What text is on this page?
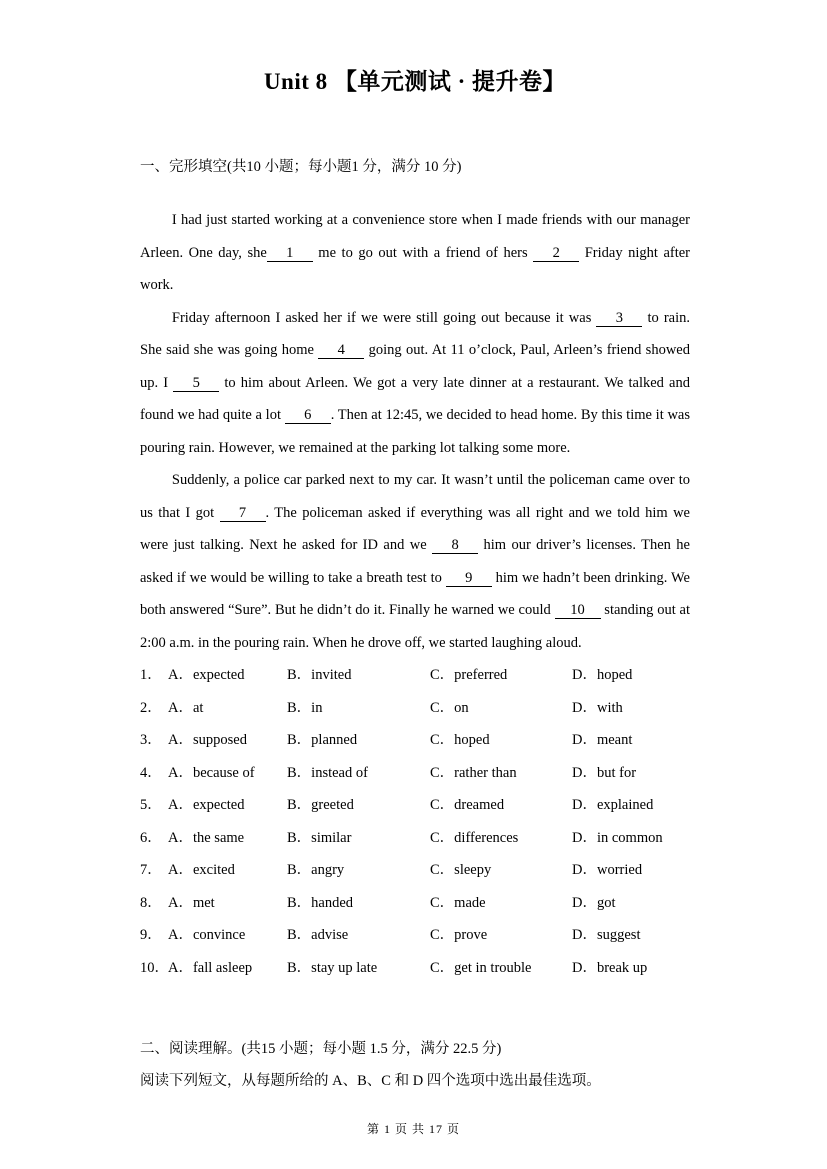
Unit 8 【单元测试 · 提升卷】

一、完形填空(共10 小题；每小题1 分，满分 10 分)

I had just started working at a convenience store when I made friends with our manager Arleen. One day, she 1 me to go out with a friend of hers 2 Friday night after work.

Friday afternoon I asked her if we were still going out because it was 3 to rain. She said she was going home 4 going out. At 11 o’clock, Paul, Arleen’s friend showed up. I 5 to him about Arleen. We got a very late dinner at a restaurant. We talked and found we had quite a lot 6 . Then at 12:45, we decided to head home. By this time it was pouring rain. However, we remained at the parking lot talking some more.

Suddenly, a police car parked next to my car. It wasn’t until the policeman came over to us that I got 7 . The policeman asked if everything was all right and we told him we were just talking. Next he asked for ID and we 8 him our driver’s licenses. Then he asked if we would be willing to take a breath test to 9 him we hadn’t been drinking. We both answered “Sure”. But he didn’t do it. Finally he warned we could 10 standing out at 2:00 a.m. in the pouring rain. When he drove off, we started laughing aloud.

1． A．expected	B．invited	C．preferred	D．hoped
2． A．at	B．in	C．on	D．with
3． A．supposed	B．planned	C．hoped	D．meant
4． A．because of	B．instead of	C．rather than	D．but for
5． A．expected	B．greeted	C．dreamed	D．explained
6． A．the same	B．similar	C．differences	D．in common
7． A．excited	B．angry	C．sleepy	D．worried
8． A．met	B．handed	C．made	D．got
9． A．convince	B．advise	C．prove	D．suggest
10． A．fall asleep	B．stay up late	C．get in trouble	D．break up

二、阅读理解。(共15 小题；每小题 1.5 分，满分 22.5 分)

阅读下列短文，从每题所给的 A、B、C 和 D 四个选项中选出最佳选项。

第 1 页 共 17 页
